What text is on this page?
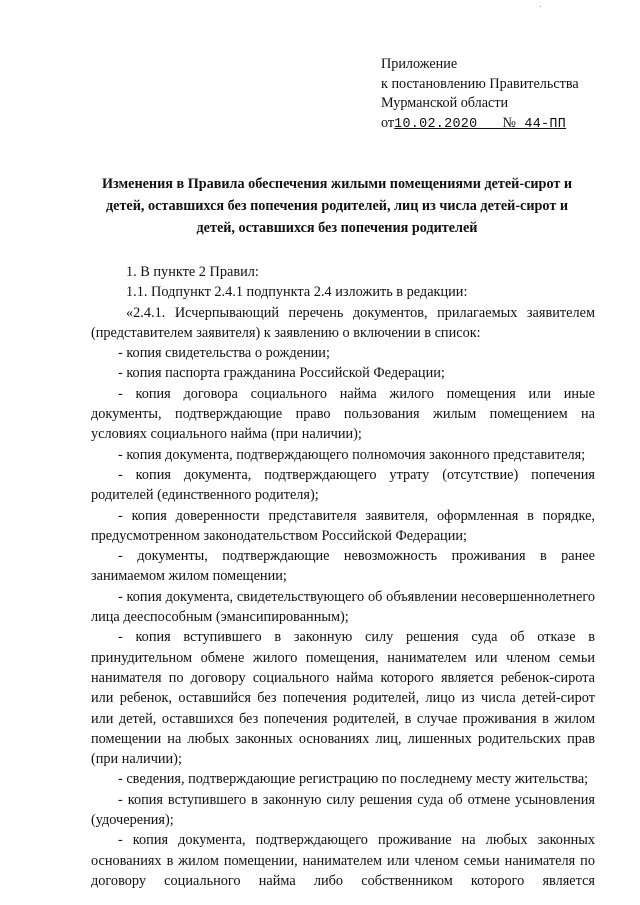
Приложение
к постановлению Правительства
Мурманской области
от10.02.2020 № 44-ПП
Изменения в Правила обеспечения жилыми помещениями детей-сирот и детей, оставшихся без попечения родителей, лиц из числа детей-сирот и детей, оставшихся без попечения родителей

1. В пункте 2 Правил:

1.1. Подпункт 2.4.1 подпункта 2.4 изложить в редакции:

«2.4.1. Исчерпывающий перечень документов, прилагаемых заявителем (представителем заявителя) к заявлению о включении в список:

- копия свидетельства о рождении;

- копия паспорта гражданина Российской Федерации;

- копия договора социального найма жилого помещения или иные документы, подтверждающие право пользования жилым помещением на условиях социального найма (при наличии);

- копия документа, подтверждающего полномочия законного представителя;

- копия документа, подтверждающего утрату (отсутствие) попечения родителей (единственного родителя);

- копия доверенности представителя заявителя, оформленная в порядке, предусмотренном законодательством Российской Федерации;

- документы, подтверждающие невозможность проживания в ранее занимаемом жилом помещении;

- копия документа, свидетельствующего об объявлении несовершеннолетнего лица дееспособным (эмансипированным);

- копия вступившего в законную силу решения суда об отказе в принудительном обмене жилого помещения, нанимателем или членом семьи нанимателя по договору социального найма которого является ребенок-сирота или ребенок, оставшийся без попечения родителей, лицо из числа детей-сирот или детей, оставшихся без попечения родителей, в случае проживания в жилом помещении на любых законных основаниях лиц, лишенных родительских прав (при наличии);

- сведения, подтверждающие регистрацию по последнему месту жительства;

- копия вступившего в законную силу решения суда об отмене усыновления (удочерения);

- копия документа, подтверждающего проживание на любых законных основаниях в жилом помещении, нанимателем или членом семьи нанимателя по договору социального найма либо собственником которого является
